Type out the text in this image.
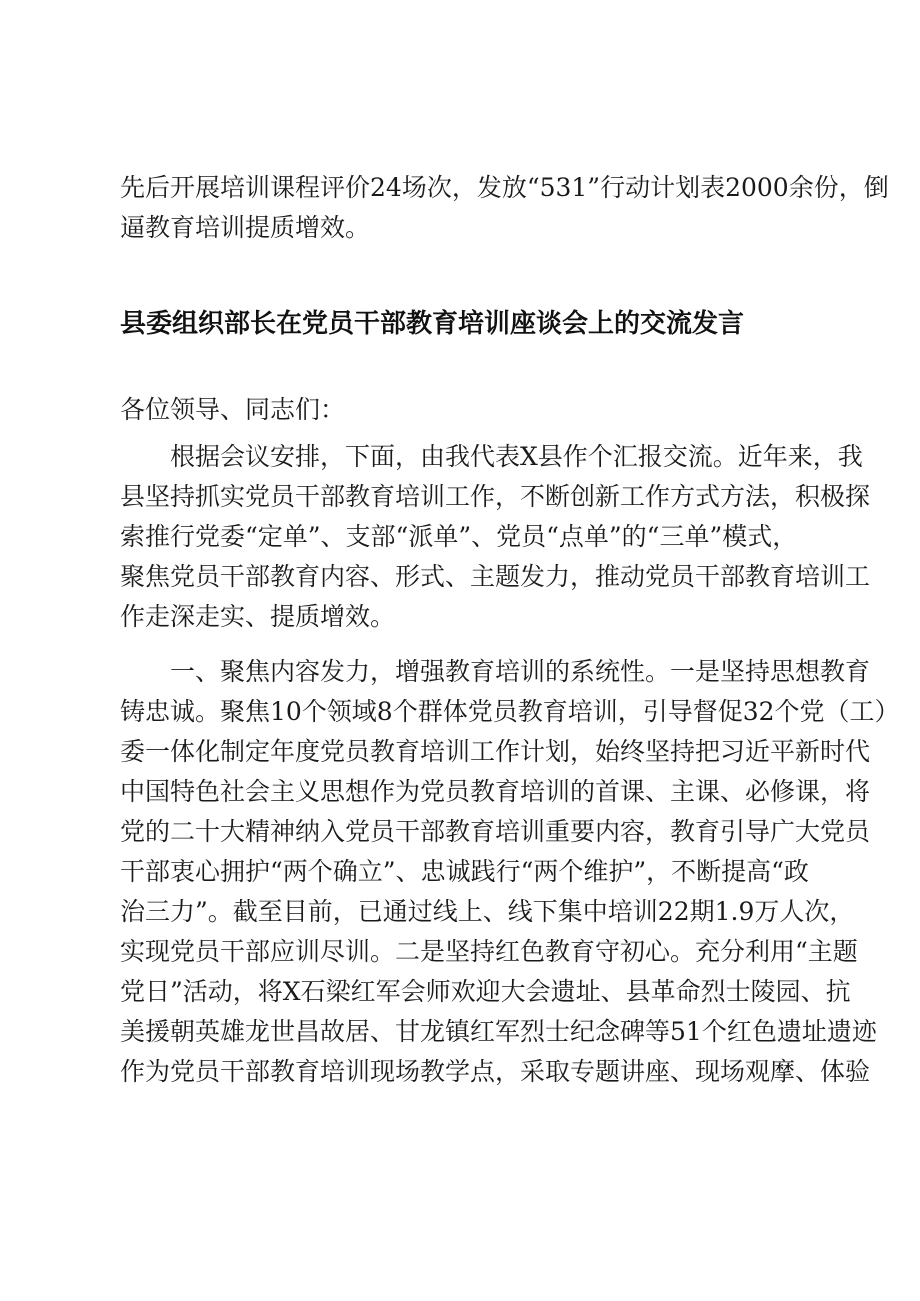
先后开展培训课程评价24场次，发放“531”行动计划表2000余份，倒
逼教育培训提质增效。
县委组织部长在党员干部教育培训座谈会上的交流发言
各位领导、同志们：
根据会议安排，下面，由我代表X县作个汇报交流。近年来，我
县坚持抓实党员干部教育培训工作，不断创新工作方式方法，积极探
索推行党委“定单”、支部“派单”、党员“点单”的“三单”模式，
聚焦党员干部教育内容、形式、主题发力，推动党员干部教育培训工
作走深走实、提质增效。
一、聚焦内容发力，增强教育培训的系统性。一是坚持思想教育
铸忠诚。聚焦10个领域8个群体党员教育培训，引导督促32个党（工）
委一体化制定年度党员教育培训工作计划，始终坚持把习近平新时代
中国特色社会主义思想作为党员教育培训的首课、主课、必修课，将
党的二十大精神纳入党员干部教育培训重要内容，教育引导广大党员
干部衷心拥护“两个确立”、忠诚践行“两个维护”，不断提高“政
治三力”。截至目前，已通过线上、线下集中培训22期1.9万人次，
实现党员干部应训尽训。二是坚持红色教育守初心。充分利用“主题
党日”活动，将X石梁红军会师欢迎大会遗址、县革命烈士陵园、抗
美援朝英雄龙世昌故居、甘龙镇红军烈士纪念碑等51个红色遗址遗迹
作为党员干部教育培训现场教学点，采取专题讲座、现场观摩、体验
